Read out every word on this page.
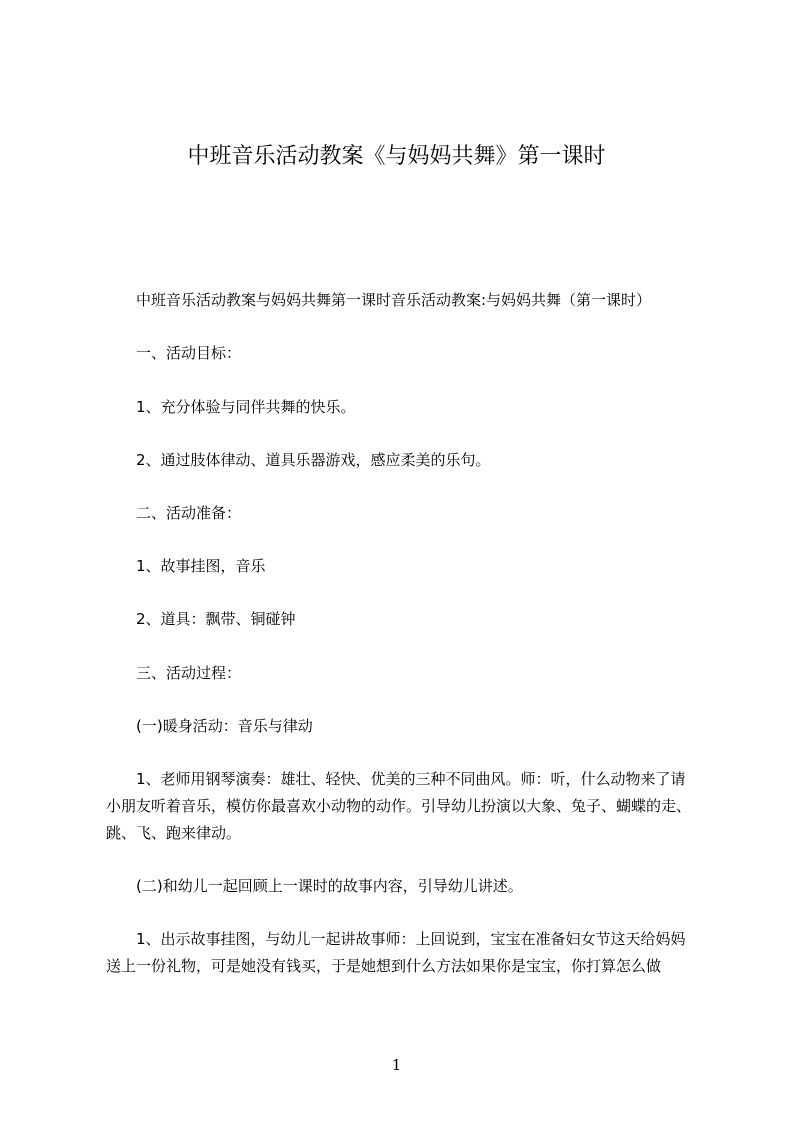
中班音乐活动教案《与妈妈共舞》第一课时

中班音乐活动教案与妈妈共舞第一课时音乐活动教案:与妈妈共舞（第一课时）

一、活动目标：

1、充分体验与同伴共舞的快乐。

2、通过肢体律动、道具乐器游戏，感应柔美的乐句。

二、活动准备：

1、故事挂图，音乐

2、道具：飘带、铜碰钟

三、活动过程：

(一)暖身活动：音乐与律动

1、老师用钢琴演奏：雄壮、轻快、优美的三种不同曲风。师：听，什么动物来了请小朋友听着音乐，模仿你最喜欢小动物的动作。引导幼儿扮演以大象、兔子、蝴蝶的走、跳、飞、跑来律动。

(二)和幼儿一起回顾上一课时的故事内容，引导幼儿讲述。

1、出示故事挂图，与幼儿一起讲故事师：上回说到，宝宝在准备妇女节这天给妈妈送上一份礼物，可是她没有钱买，于是她想到什么方法如果你是宝宝，你打算怎么做

1
